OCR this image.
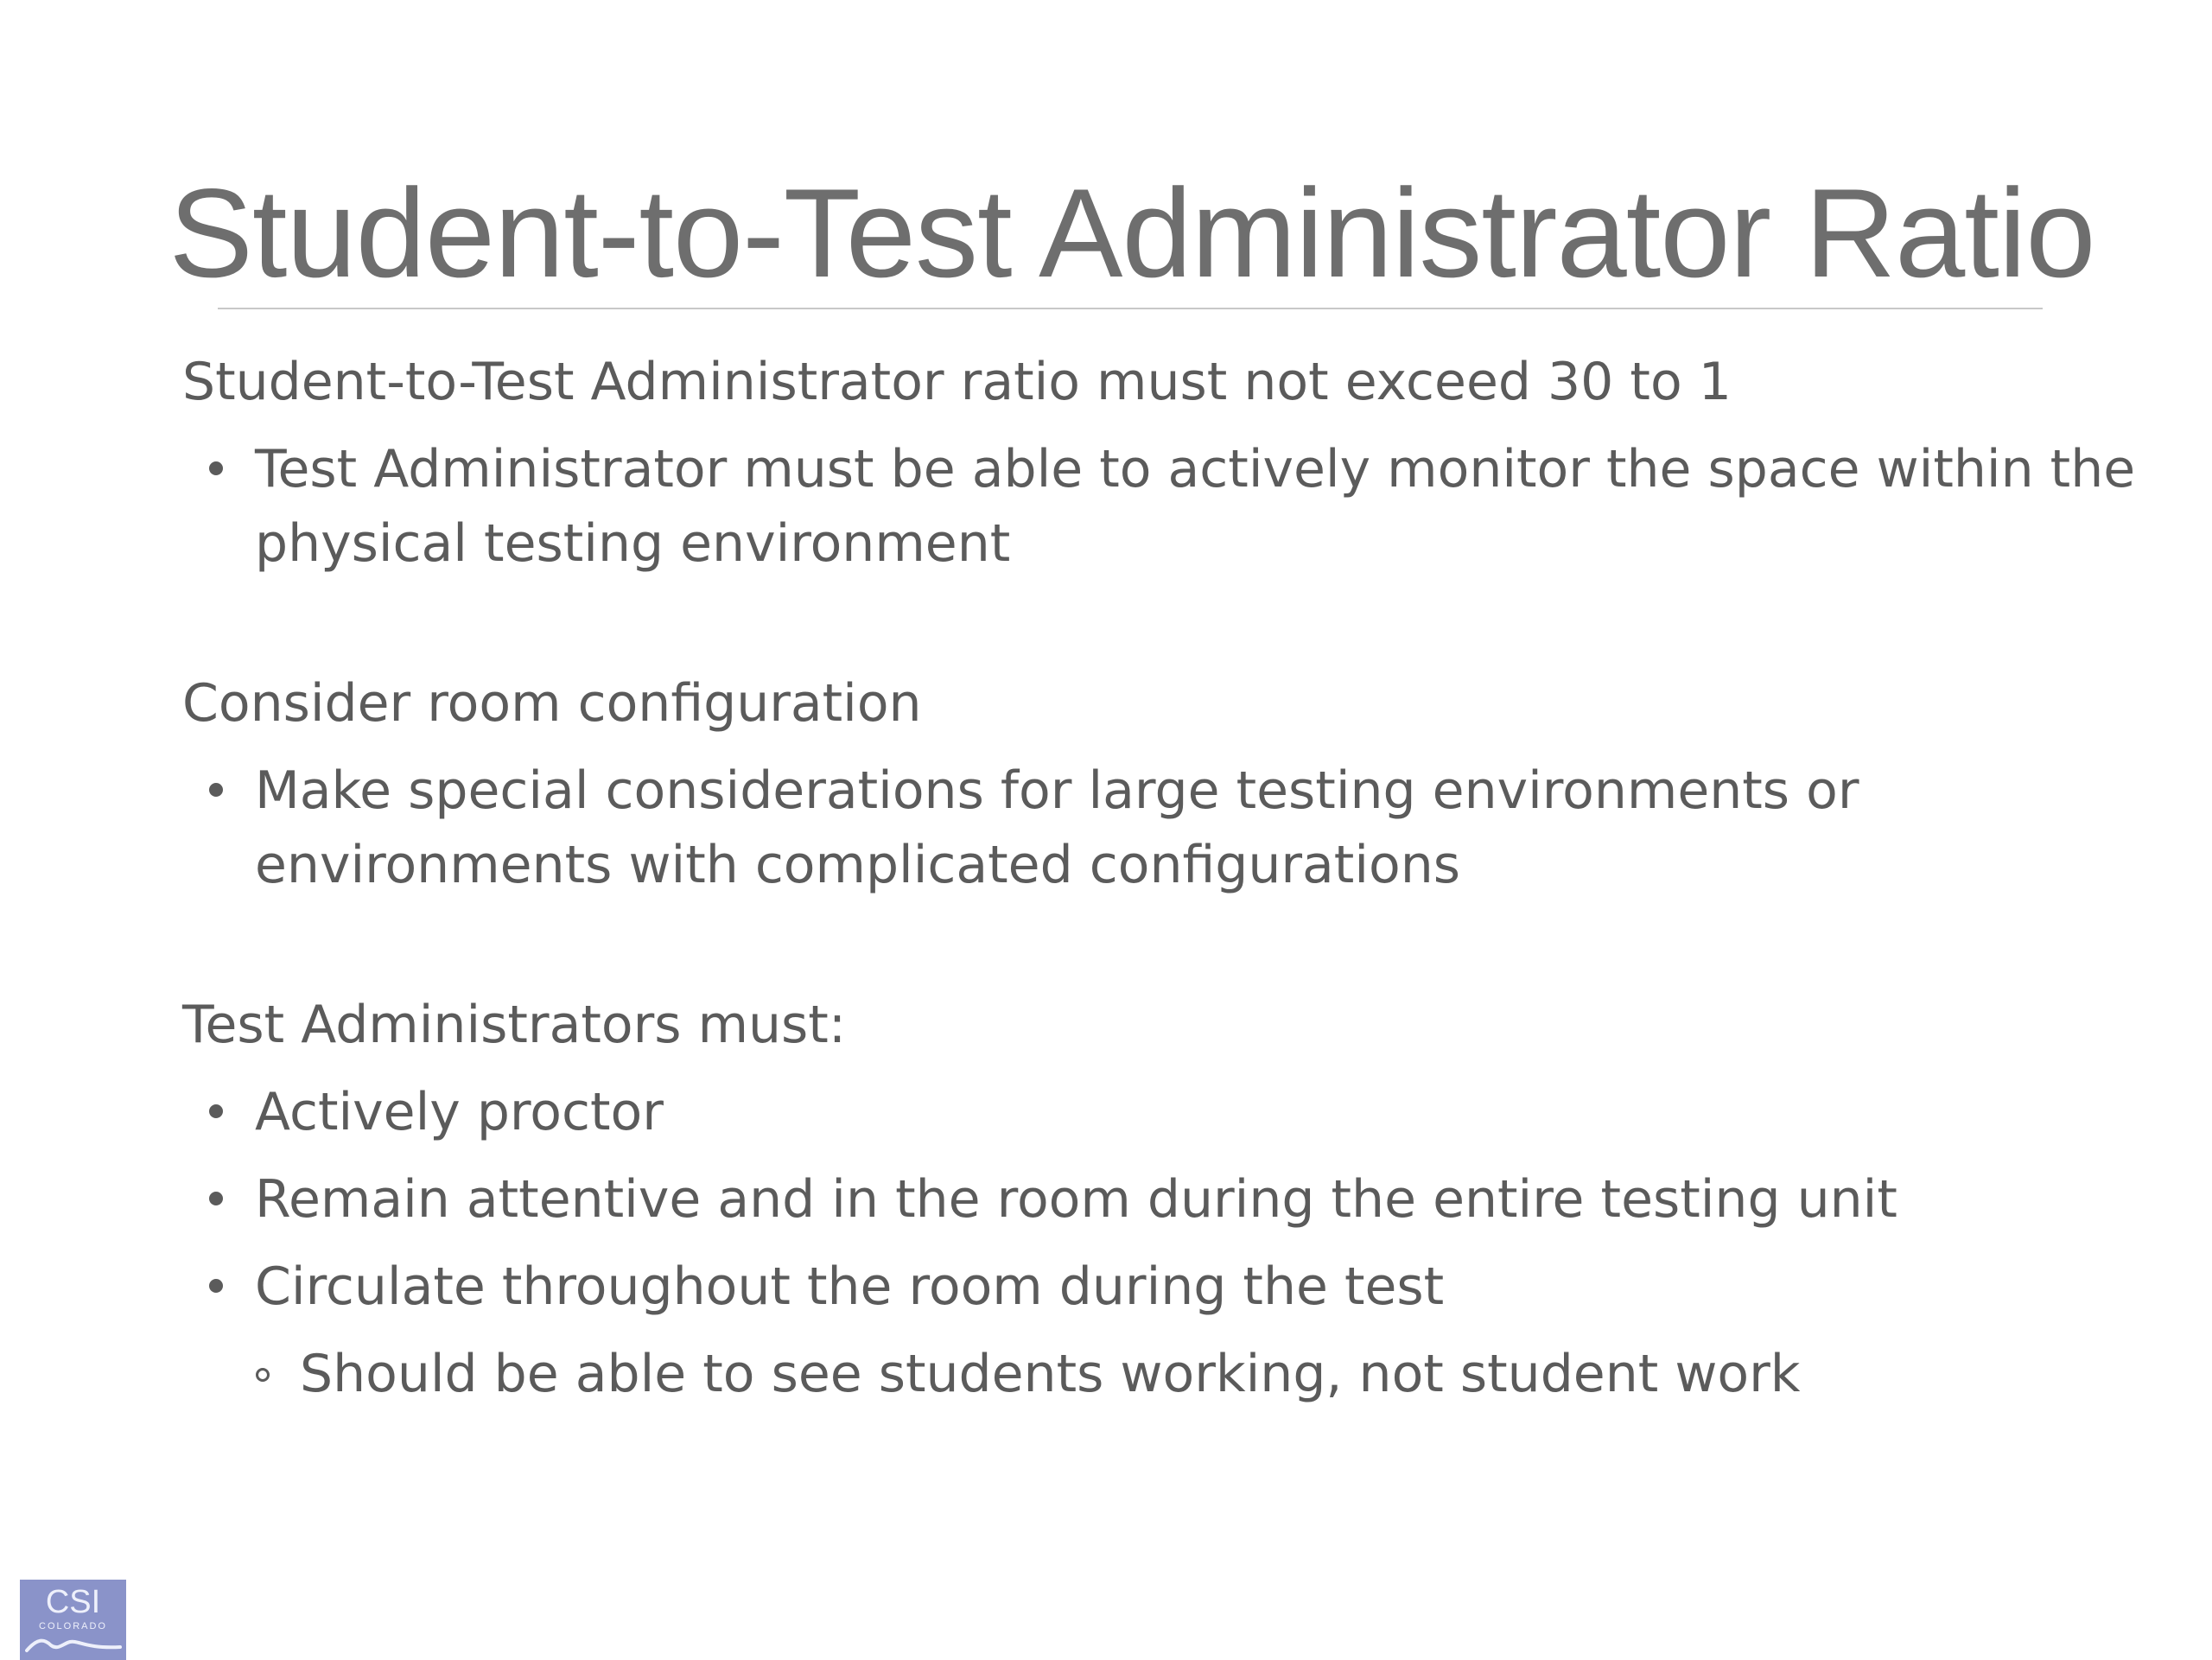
Student-to-Test Administrator Ratio
Student-to-Test Administrator ratio must not exceed 30 to 1
Test Administrator must be able to actively monitor the space within the physical testing environment
Consider room configuration
Make special considerations for large testing environments or environments with complicated configurations
Test Administrators must:
Actively proctor
Remain attentive and in the room during the entire testing unit
Circulate throughout the room during the test
Should be able to see students working, not student work
CSI
COLORADO
